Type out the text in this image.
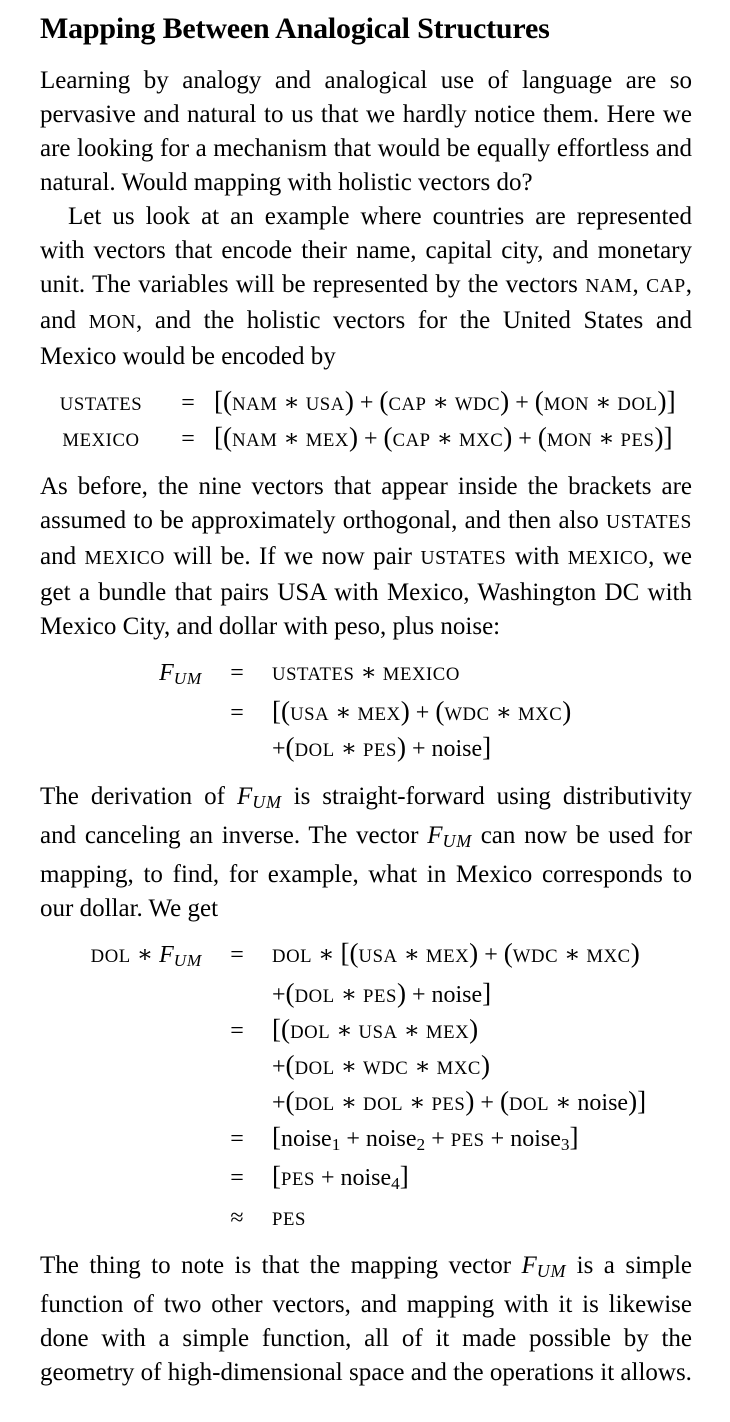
Mapping Between Analogical Structures

Learning by analogy and analogical use of language are so pervasive and natural to us that we hardly notice them. Here we are looking for a mechanism that would be equally effortless and natural. Would mapping with holistic vectors do?

Let us look at an example where countries are represented with vectors that encode their name, capital city, and monetary unit. The variables will be represented by the vectors NAM, CAP, and MON, and the holistic vectors for the United States and Mexico would be encoded by

USTATES	= [(NAM ∗ USA) + (CAP ∗ WDC) + (MON ∗ DOL)]
MEXICO	= [(NAM ∗ MEX) + (CAP ∗ MXC) + (MON ∗ PES)]

As before, the nine vectors that appear inside the brackets are assumed to be approximately orthogonal, and then also USTATES and MEXICO will be. If we now pair USTATES with MEXICO, we get a bundle that pairs USA with Mexico, Washington DC with Mexico City, and dollar with peso, plus noise:

FUM	=	USTATES ∗ MEXICO
=	[(USA ∗ MEX) + (WDC ∗ MXC)
+(DOL ∗ PES) + noise]

The derivation of FUM is straight-forward using distributivity and canceling an inverse. The vector FUM can now be used for mapping, to find, for example, what in Mexico corresponds to our dollar. We get

DOL ∗ FUM	=	DOL ∗ [(USA ∗ MEX) + (WDC ∗ MXC)
+(DOL ∗ PES) + noise]
=	[(DOL ∗ USA ∗ MEX)
+(DOL ∗ WDC ∗ MXC)
+(DOL ∗ DOL ∗ PES) + (DOL ∗ noise)]
=	[noise1 + noise2 + PES + noise3]
=	[PES + noise4]
≈	PES

The thing to note is that the mapping vector FUM is a simple function of two other vectors, and mapping with it is likewise done with a simple function, all of it made possible by the geometry of high-dimensional space and the operations it allows.
